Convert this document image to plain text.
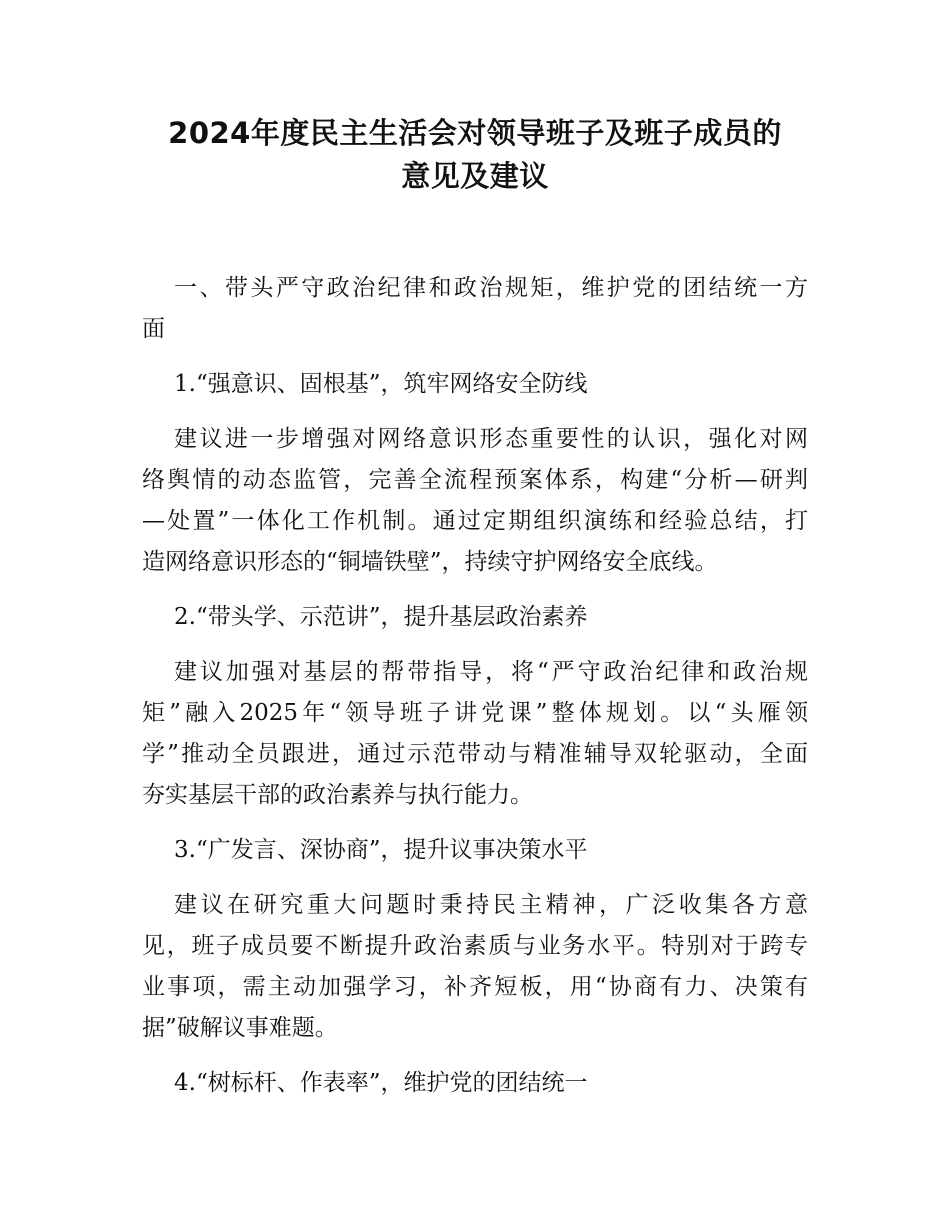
2024年度民主生活会对领导班子及班子成员的
意见及建议
一、带头严守政治纪律和政治规矩，维护党的团结统一方
面
1.“强意识、固根基”，筑牢网络安全防线
建议进一步增强对网络意识形态重要性的认识，强化对网
络舆情的动态监管，完善全流程预案体系，构建“分析—研判
—处置”一体化工作机制。通过定期组织演练和经验总结，打
造网络意识形态的“铜墙铁壁”，持续守护网络安全底线。
2.“带头学、示范讲”，提升基层政治素养
建议加强对基层的帮带指导，将“严守政治纪律和政治规
矩”融入2025年“领导班子讲党课”整体规划。以“头雁领
学”推动全员跟进，通过示范带动与精准辅导双轮驱动，全面
夯实基层干部的政治素养与执行能力。
3.“广发言、深协商”，提升议事决策水平
建议在研究重大问题时秉持民主精神，广泛收集各方意
见，班子成员要不断提升政治素质与业务水平。特别对于跨专
业事项，需主动加强学习，补齐短板，用“协商有力、决策有
据”破解议事难题。
4.“树标杆、作表率”，维护党的团结统一
